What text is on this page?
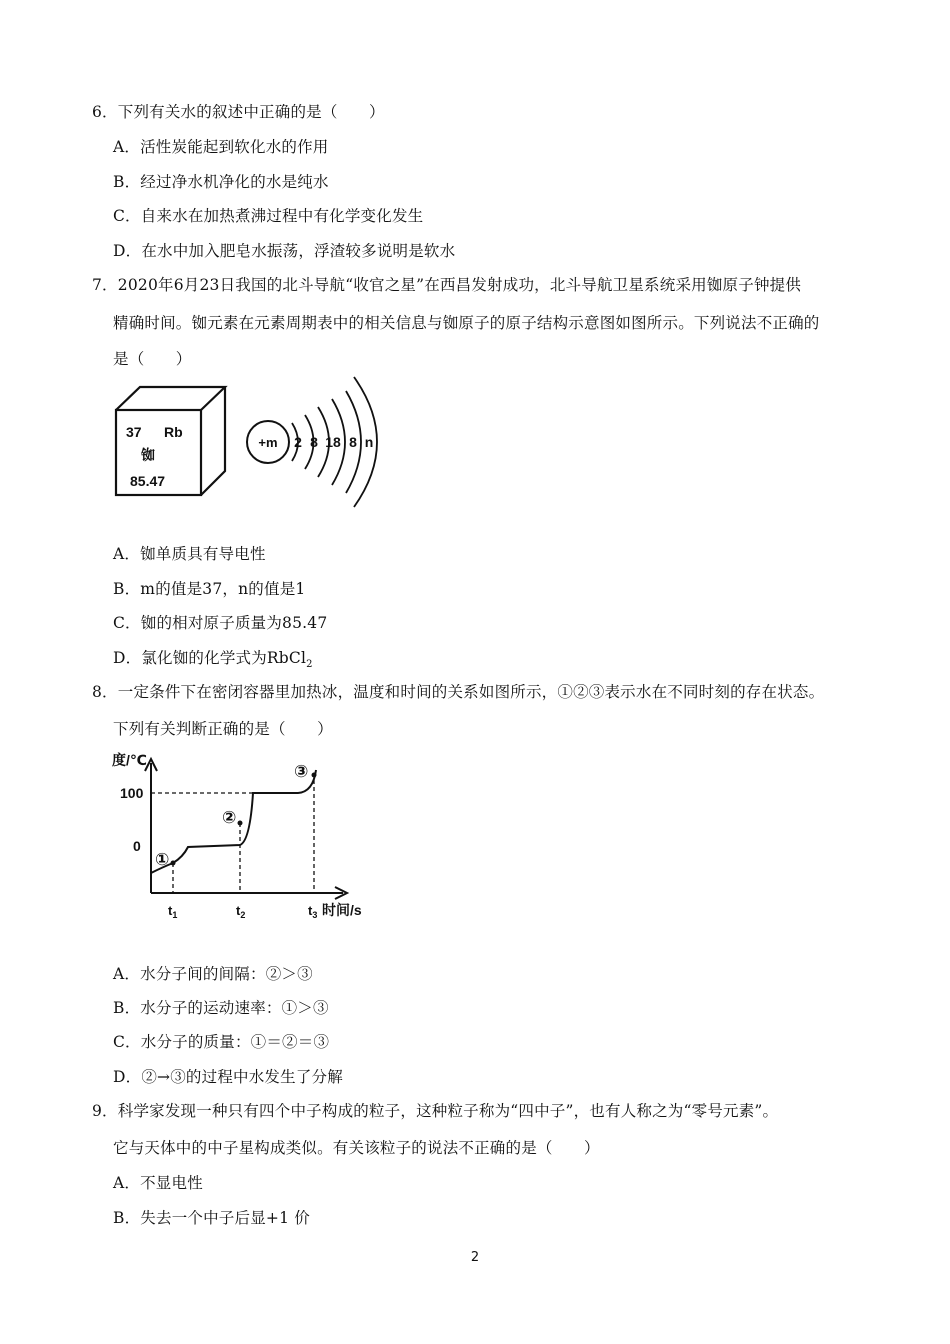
6．下列有关水的叙述中正确的是（　　）
A．活性炭能起到软化水的作用
B．经过净水机净化的水是纯水
C．自来水在加热煮沸过程中有化学变化发生
D．在水中加入肥皂水振荡，浮渣较多说明是软水
7．2020年6月23日我国的北斗导航“收官之星”在西昌发射成功，北斗导航卫星系统采用铷原子钟提供
精确时间。铷元素在元素周期表中的相关信息与铷原子的原子结构示意图如图所示。下列说法不正确的
是（　　）
37 Rb
铷
85.47
+m 2 8 18 8 n
A．铷单质具有导电性
B．m的值是37，n的值是1
C．铷的相对原子质量为85.47
D．氯化铷的化学式为RbCl$_2$
8．一定条件下在密闭容器里加热冰，温度和时间的关系如图所示，①②③表示水在不同时刻的存在状态。
下列有关判断正确的是（　　）
度/℃
100
0
①
②
③
$t_1$	$t_2$	$t_3$ 时间/s
A．水分子间的间隔：②＞③
B．水分子的运动速率：①＞③
C．水分子的质量：①＝②＝③
D．②→③的过程中水发生了分解
9．科学家发现一种只有四个中子构成的粒子，这种粒子称为“四中子”，也有人称之为“零号元素”。
它与天体中的中子星构成类似。有关该粒子的说法不正确的是（　　）
A．不显电性
B．失去一个中子后显+1 价
2
